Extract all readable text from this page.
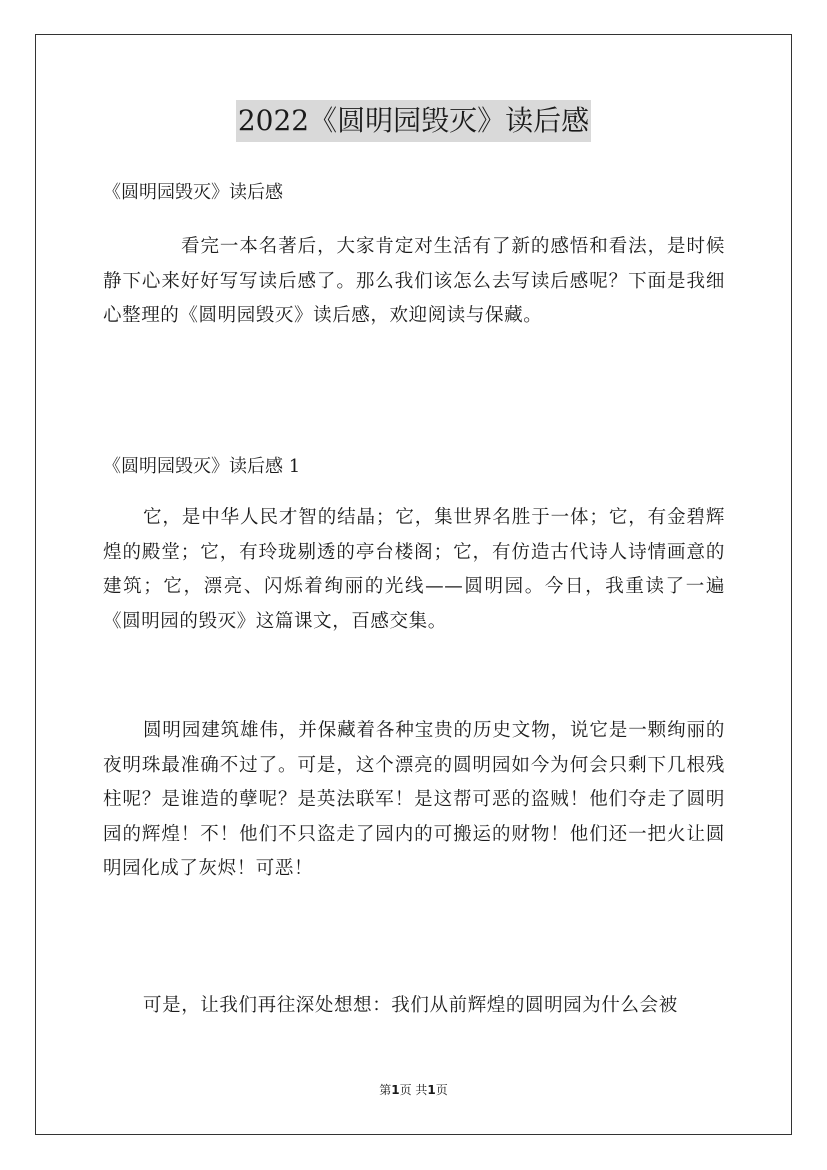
2022《圆明园毁灭》读后感
《圆明园毁灭》读后感
看完一本名著后，大家肯定对生活有了新的感悟和看法，是时候静下心来好好写写读后感了。那么我们该怎么去写读后感呢？下面是我细心整理的《圆明园毁灭》读后感，欢迎阅读与保藏。
《圆明园毁灭》读后感 1
它，是中华人民才智的结晶；它，集世界名胜于一体；它，有金碧辉煌的殿堂；它，有玲珑剔透的亭台楼阁；它，有仿造古代诗人诗情画意的建筑；它，漂亮、闪烁着绚丽的光线——圆明园。今日，我重读了一遍《圆明园的毁灭》这篇课文，百感交集。
圆明园建筑雄伟，并保藏着各种宝贵的历史文物，说它是一颗绚丽的夜明珠最准确不过了。可是，这个漂亮的圆明园如今为何会只剩下几根残柱呢？是谁造的孽呢？是英法联军！是这帮可恶的盗贼！他们夺走了圆明园的辉煌！不！他们不只盗走了园内的可搬运的财物！他们还一把火让圆明园化成了灰烬！可恶！
可是，让我们再往深处想想：我们从前辉煌的圆明园为什么会被
第1页 共1页
